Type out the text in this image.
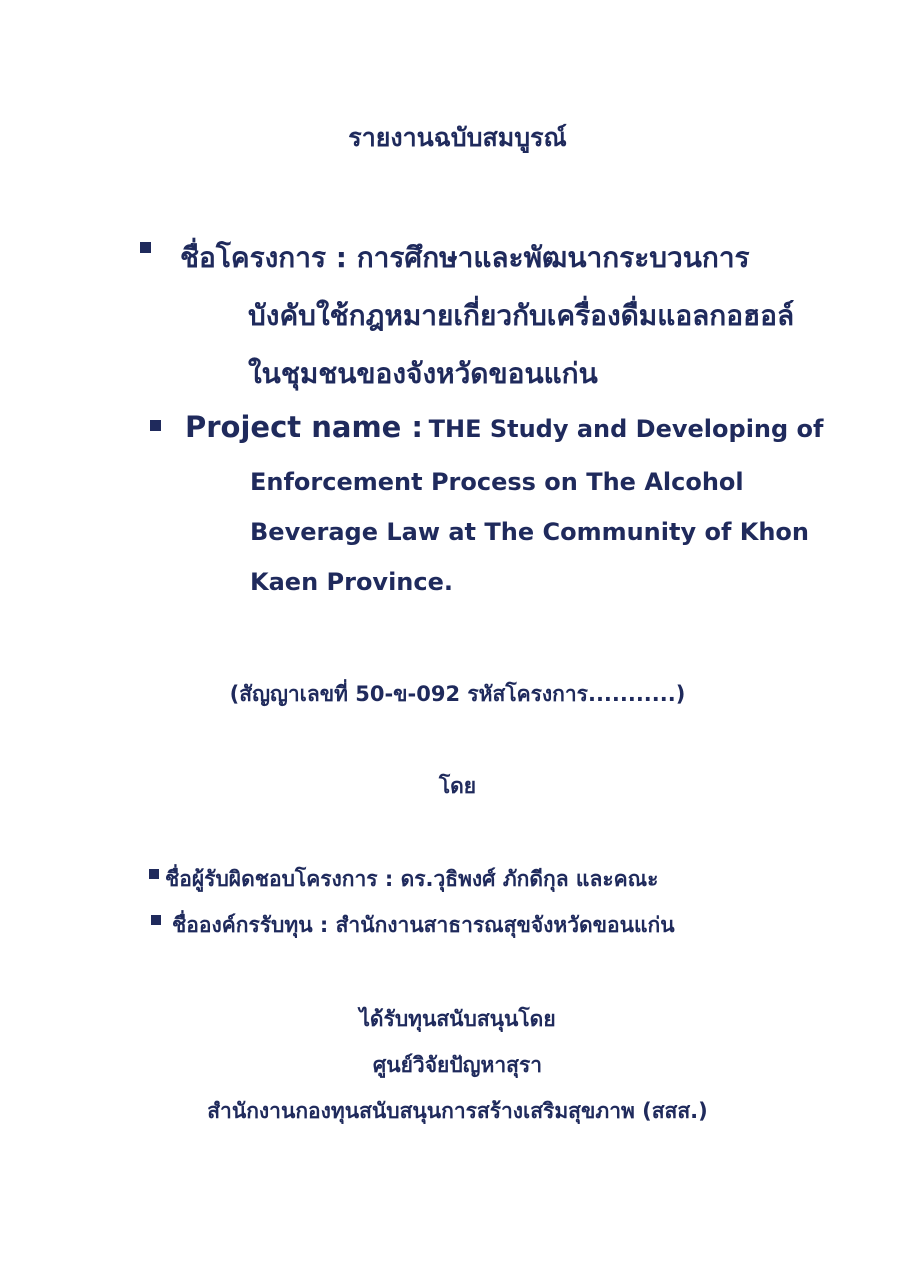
รายงานฉบับสมบูรณ์
ชื่อโครงการ : การศึกษาและพัฒนากระบวนการ
บังคับใช้กฎหมายเกี่ยวกับเครื่องดื่มแอลกอฮอล์
ในชุมชนของจังหวัดขอนแก่น
Project name : THE Study and Developing of
Enforcement Process on The Alcohol
Beverage Law at The Community of Khon
Kaen Province.
(สัญญาเลขที่ 50-ข-092 รหัสโครงการ...........)
โดย
ชื่อผู้รับผิดชอบโครงการ : ดร.วุธิพงศ์ ภักดีกุล และคณะ
ชื่อองค์กรรับทุน : สำนักงานสาธารณสุขจังหวัดขอนแก่น
ได้รับทุนสนับสนุนโดย
ศูนย์วิจัยปัญหาสุรา
สำนักงานกองทุนสนับสนุนการสร้างเสริมสุขภาพ (สสส.)
